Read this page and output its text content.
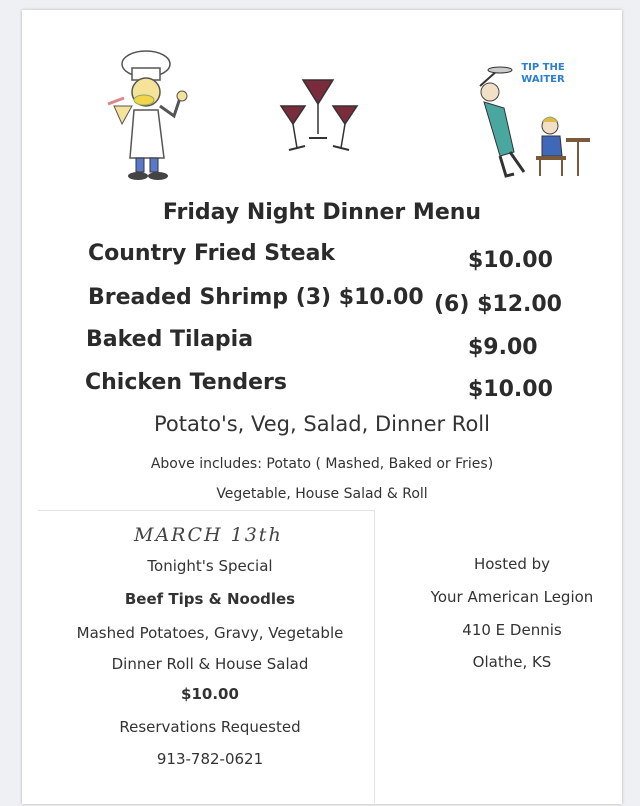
TIP THE WAITER
Friday Night Dinner Menu
Country Fried Steak	$10.00
Breaded Shrimp (3) $10.00 (6) $12.00
Baked Tilapia	$9.00
Chicken Tenders	$10.00
Potato's, Veg, Salad, Dinner Roll
Above includes: Potato ( Mashed, Baked or Fries)
Vegetable, House Salad & Roll
MARCH 13th
Tonight's Special
Beef Tips & Noodles
Mashed Potatoes, Gravy, Vegetable
Dinner Roll & House Salad
$10.00
Reservations Requested
913-782-0621
Hosted by
Your American Legion
410 E Dennis
Olathe, KS
